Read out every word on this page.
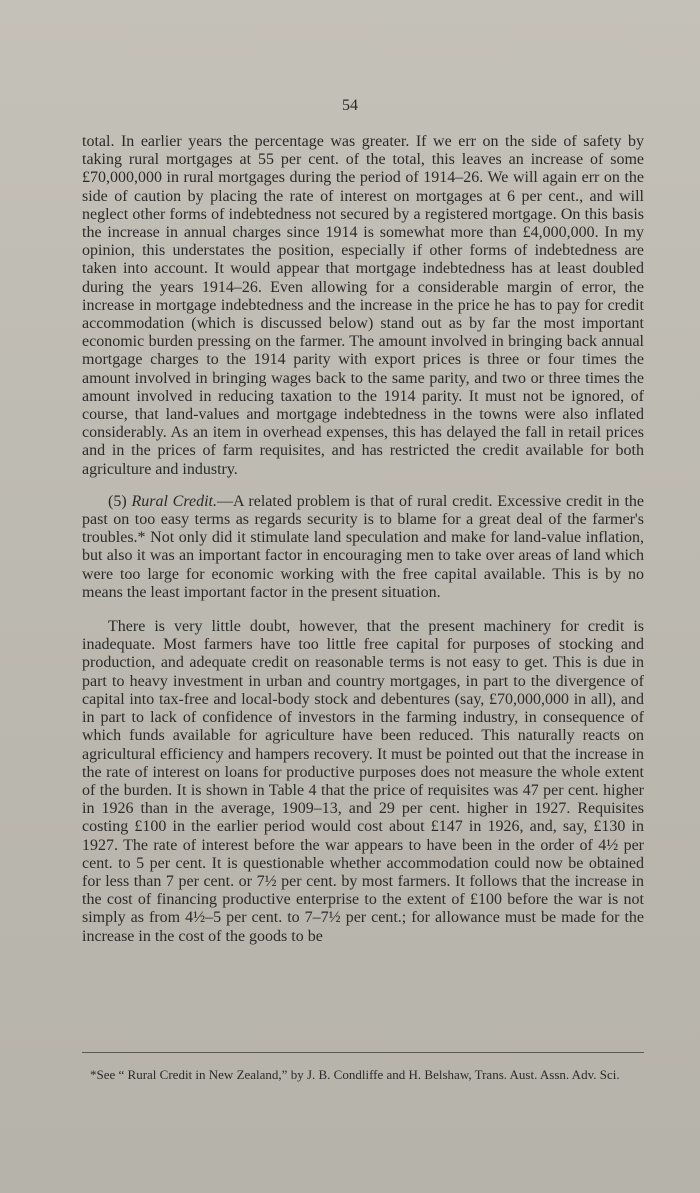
54

total. In earlier years the percentage was greater. If we err on the side of safety by taking rural mortgages at 55 per cent. of the total, this leaves an increase of some £70,000,000 in rural mortgages during the period of 1914–26. We will again err on the side of caution by placing the rate of interest on mortgages at 6 per cent., and will neglect other forms of indebtedness not secured by a registered mortgage. On this basis the increase in annual charges since 1914 is somewhat more than £4,000,000. In my opinion, this understates the position, especially if other forms of indebtedness are taken into account. It would appear that mortgage indebtedness has at least doubled during the years 1914–26. Even allowing for a considerable margin of error, the increase in mortgage indebtedness and the increase in the price he has to pay for credit accommodation (which is discussed below) stand out as by far the most important economic burden pressing on the farmer. The amount involved in bringing back annual mortgage charges to the 1914 parity with export prices is three or four times the amount involved in bringing wages back to the same parity, and two or three times the amount involved in reducing taxation to the 1914 parity. It must not be ignored, of course, that land-values and mortgage indebtedness in the towns were also inflated considerably. As an item in overhead expenses, this has delayed the fall in retail prices and in the prices of farm requisites, and has restricted the credit available for both agriculture and industry.

(5) Rural Credit.—A related problem is that of rural credit. Excessive credit in the past on too easy terms as regards security is to blame for a great deal of the farmer's troubles.* Not only did it stimulate land speculation and make for land-value inflation, but also it was an important factor in encouraging men to take over areas of land which were too large for economic working with the free capital available. This is by no means the least important factor in the present situation.

There is very little doubt, however, that the present machinery for credit is inadequate. Most farmers have too little free capital for purposes of stocking and production, and adequate credit on reasonable terms is not easy to get. This is due in part to heavy investment in urban and country mortgages, in part to the divergence of capital into tax-free and local-body stock and debentures (say, £70,000,000 in all), and in part to lack of confidence of investors in the farming industry, in consequence of which funds available for agriculture have been reduced. This naturally reacts on agricultural efficiency and hampers recovery. It must be pointed out that the increase in the rate of interest on loans for productive purposes does not measure the whole extent of the burden. It is shown in Table 4 that the price of requisites was 47 per cent. higher in 1926 than in the average, 1909–13, and 29 per cent. higher in 1927. Requisites costing £100 in the earlier period would cost about £147 in 1926, and, say, £130 in 1927. The rate of interest before the war appears to have been in the order of 4½ per cent. to 5 per cent. It is questionable whether accommodation could now be obtained for less than 7 per cent. or 7½ per cent. by most farmers. It follows that the increase in the cost of financing productive enterprise to the extent of £100 before the war is not simply as from 4½–5 per cent. to 7–7½ per cent.; for allowance must be made for the increase in the cost of the goods to be

*See “ Rural Credit in New Zealand,” by J. B. Condliffe and H. Belshaw, Trans. Aust. Assn. Adv. Sci.
